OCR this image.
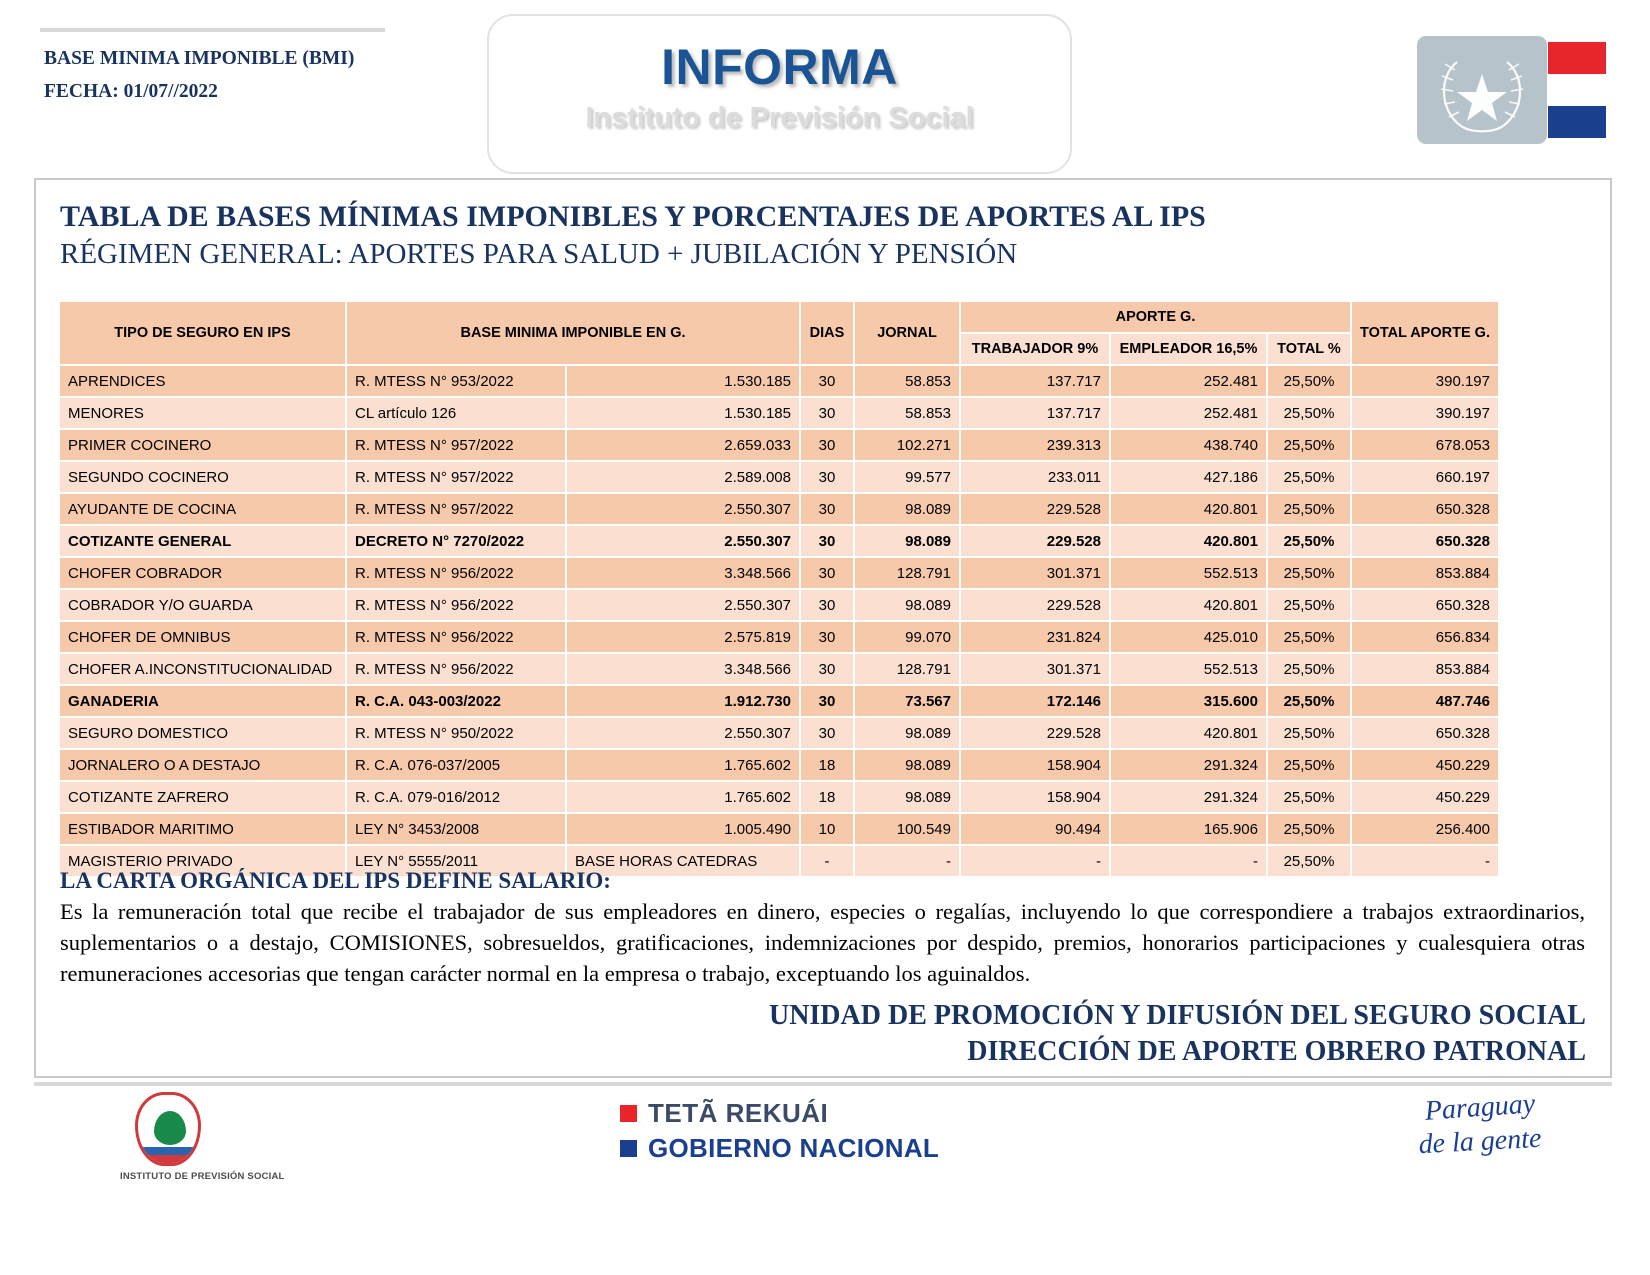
BASE MINIMA IMPONIBLE (BMI)
FECHA: 01/07//2022	INFORMA
Instituto de Previsión Social
TABLA DE BASES MÍNIMAS IMPONIBLES Y PORCENTAJES DE APORTES AL IPS
RÉGIMEN GENERAL: APORTES PARA SALUD + JUBILACIÓN Y PENSIÓN
TIPO DE SEGURO EN IPS	BASE MINIMA IMPONIBLE EN G.		DIAS	JORNAL	APORTE G.			TOTAL APORTE G.
					TRABAJADOR 9%	EMPLEADOR 16,5%	TOTAL %	
APRENDICES	R. MTESS N° 953/2022	1.530.185	30	58.853	137.717	252.481	25,50%	390.197
MENORES	CL artículo 126	1.530.185	30	58.853	137.717	252.481	25,50%	390.197
PRIMER COCINERO	R. MTESS N° 957/2022	2.659.033	30	102.271	239.313	438.740	25,50%	678.053
SEGUNDO COCINERO	R. MTESS N° 957/2022	2.589.008	30	99.577	233.011	427.186	25,50%	660.197
AYUDANTE DE COCINA	R. MTESS N° 957/2022	2.550.307	30	98.089	229.528	420.801	25,50%	650.328
COTIZANTE GENERAL	DECRETO N° 7270/2022	2.550.307	30	98.089	229.528	420.801	25,50%	650.328
CHOFER COBRADOR	R. MTESS N° 956/2022	3.348.566	30	128.791	301.371	552.513	25,50%	853.884
COBRADOR Y/O GUARDA	R. MTESS N° 956/2022	2.550.307	30	98.089	229.528	420.801	25,50%	650.328
CHOFER DE OMNIBUS	R. MTESS N° 956/2022	2.575.819	30	99.070	231.824	425.010	25,50%	656.834
CHOFER A.INCONSTITUCIONALIDAD	R. MTESS N° 956/2022	3.348.566	30	128.791	301.371	552.513	25,50%	853.884
GANADERIA	R. C.A. 043-003/2022	1.912.730	30	73.567	172.146	315.600	25,50%	487.746
SEGURO DOMESTICO	R. MTESS N° 950/2022	2.550.307	30	98.089	229.528	420.801	25,50%	650.328
JORNALERO O A DESTAJO	R. C.A. 076-037/2005	1.765.602	18	98.089	158.904	291.324	25,50%	450.229
COTIZANTE ZAFRERO	R. C.A. 079-016/2012	1.765.602	18	98.089	158.904	291.324	25,50%	450.229
ESTIBADOR MARITIMO	LEY N° 3453/2008	1.005.490	10	100.549	90.494	165.906	25,50%	256.400
MAGISTERIO PRIVADO	LEY N° 5555/2011	BASE HORAS CATEDRAS	-	-	-	-	25,50%	-
LA CARTA ORGÁNICA DEL IPS DEFINE SALARIO:
Es la remuneración total que recibe el trabajador de sus empleadores en dinero, especies o regalías, incluyendo lo que correspondiere a trabajos extraordinarios, suplementarios o a destajo, COMISIONES, sobresueldos, gratificaciones, indemnizaciones por despido, premios, honorarios participaciones y cualesquiera otras remuneraciones accesorias que tengan carácter normal en la empresa o trabajo, exceptuando los aguinaldos.
UNIDAD DE PROMOCIÓN Y DIFUSIÓN DEL SEGURO SOCIAL
DIRECCIÓN DE APORTE OBRERO PATRONAL
INSTITUTO DE PREVISIÓN SOCIAL
TETÃ REKUÁI
GOBIERNO NACIONAL
Paraguay
de la gente
